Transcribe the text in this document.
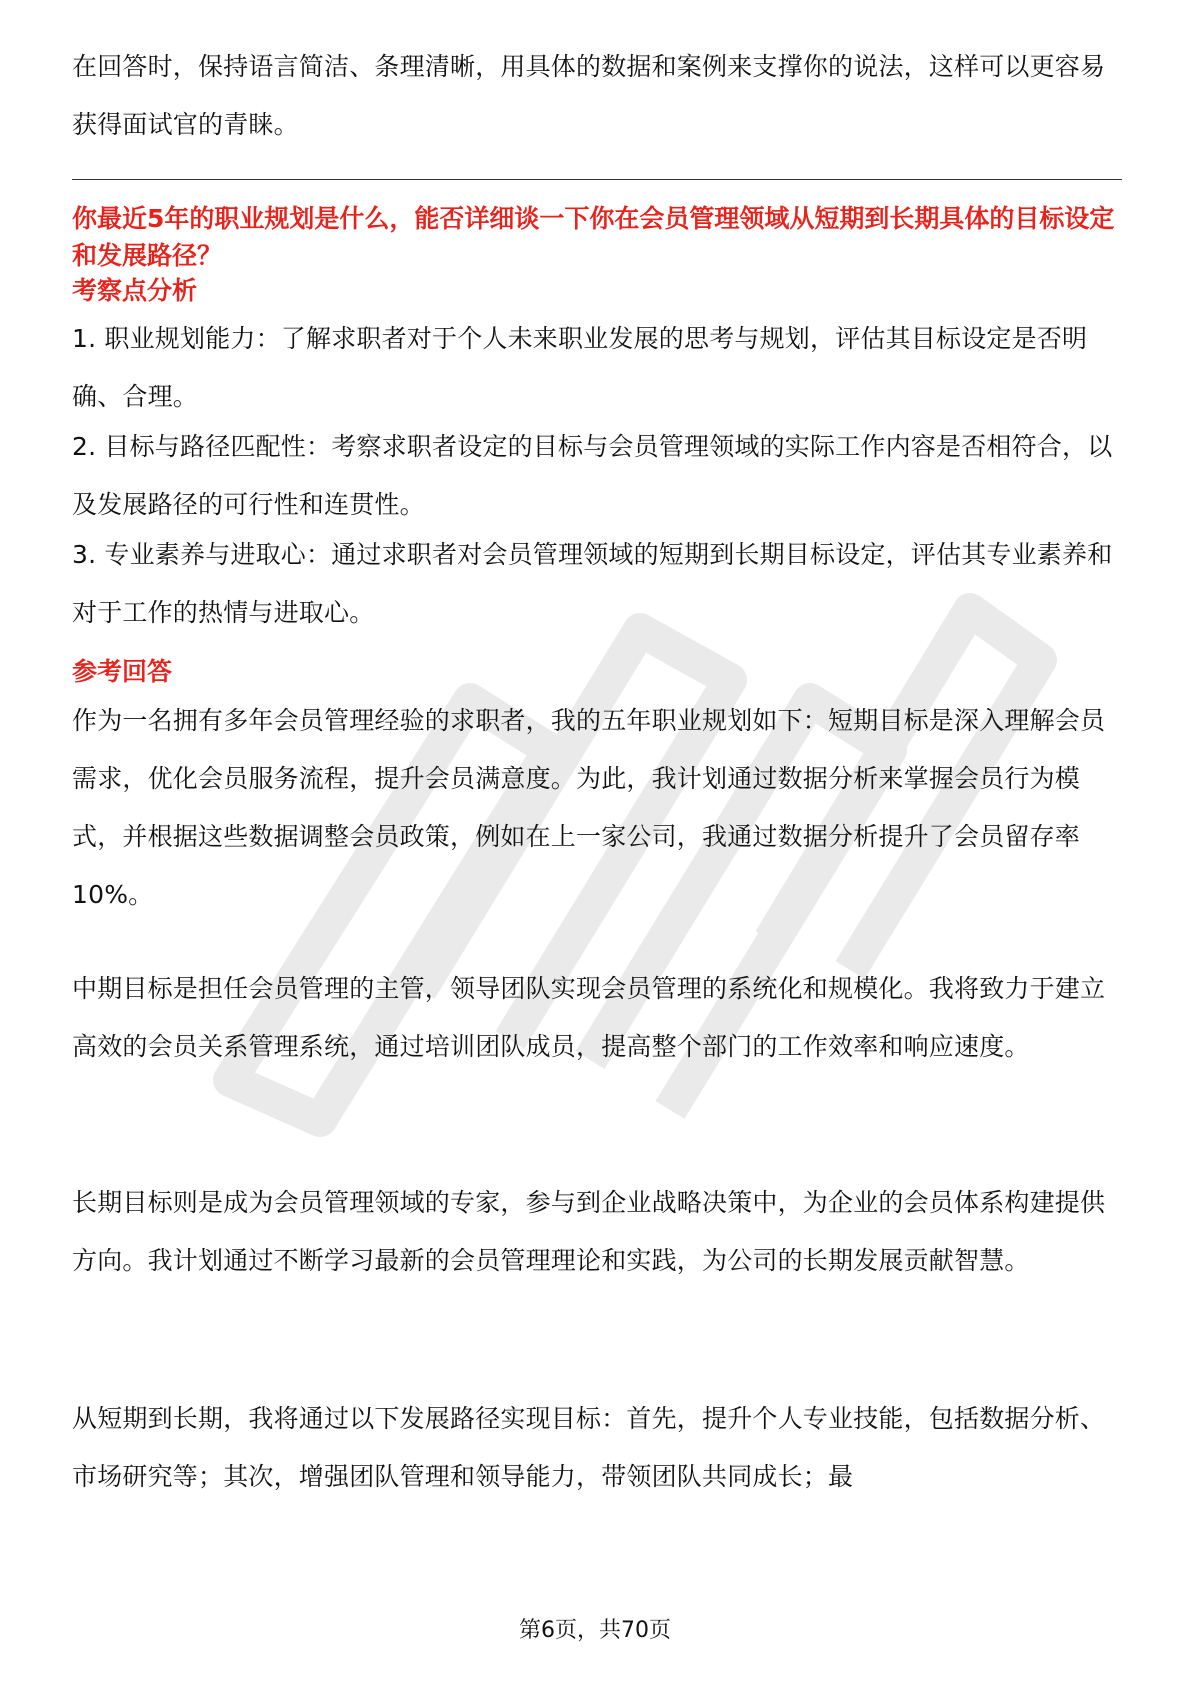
在回答时，保持语言简洁、条理清晰，用具体的数据和案例来支撑你的说法，这样可以更容易获得面试官的青睐。

你最近5年的职业规划是什么，能否详细谈一下你在会员管理领域从短期到长期具体的目标设定和发展路径？

考察点分析

1. 职业规划能力：了解求职者对于个人未来职业发展的思考与规划，评估其目标设定是否明确、合理。

2. 目标与路径匹配性：考察求职者设定的目标与会员管理领域的实际工作内容是否相符合，以及发展路径的可行性和连贯性。

3. 专业素养与进取心：通过求职者对会员管理领域的短期到长期目标设定，评估其专业素养和对于工作的热情与进取心。

参考回答

作为一名拥有多年会员管理经验的求职者，我的五年职业规划如下：短期目标是深入理解会员需求，优化会员服务流程，提升会员满意度。为此，我计划通过数据分析来掌握会员行为模式，并根据这些数据调整会员政策，例如在上一家公司，我通过数据分析提升了会员留存率10%。

中期目标是担任会员管理的主管，领导团队实现会员管理的系统化和规模化。我将致力于建立高效的会员关系管理系统，通过培训团队成员，提高整个部门的工作效率和响应速度。

长期目标则是成为会员管理领域的专家，参与到企业战略决策中，为企业的会员体系构建提供方向。我计划通过不断学习最新的会员管理理论和实践，为公司的长期发展贡献智慧。

从短期到长期，我将通过以下发展路径实现目标：首先，提升个人专业技能，包括数据分析、市场研究等；其次，增强团队管理和领导能力，带领团队共同成长；最

第6页，共70页
